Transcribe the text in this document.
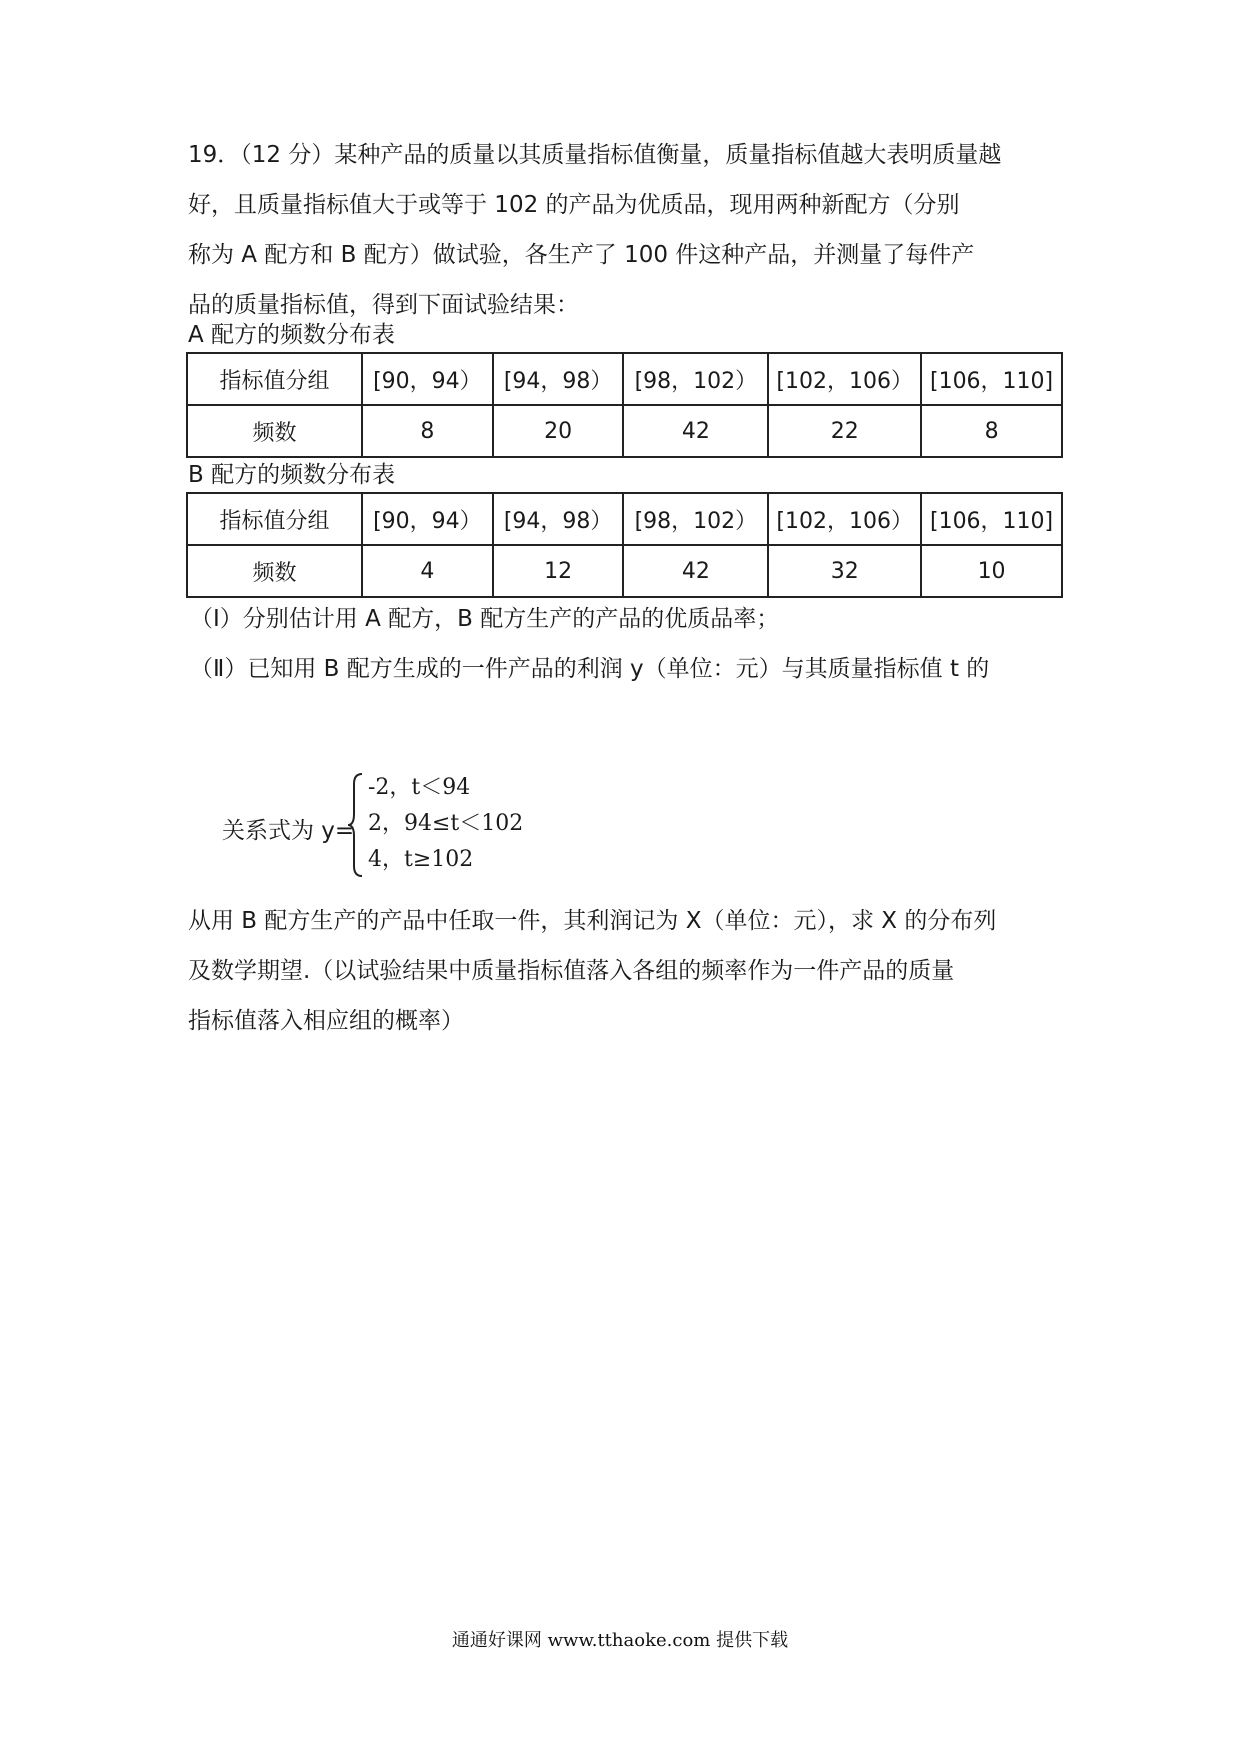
19．（12 分）某种产品的质量以其质量指标值衡量，质量指标值越大表明质量越
好，且质量指标值大于或等于 102 的产品为优质品，现用两种新配方（分别
称为 A 配方和 B 配方）做试验，各生产了 100 件这种产品，并测量了每件产
品的质量指标值，得到下面试验结果：
A 配方的频数分布表
指标值分组	[90，94）	[94，98）	[98，102）	[102，106）	[106，110]
频数	8	20	42	22	8
B 配方的频数分布表
指标值分组	[90，94）	[94，98）	[98，102）	[102，106）	[106，110]
频数	4	12	42	32	10
（Ⅰ）分别估计用 A 配方，B 配方生产的产品的优质品率；
（Ⅱ）已知用 B 配方生成的一件产品的利润 y（单位：元）与其质量指标值 t 的
关系式为 y=
-2，t＜94
2，94≤t＜102
4，t≥102
从用 B 配方生产的产品中任取一件，其利润记为 X（单位：元），求 X 的分布列
及数学期望.（以试验结果中质量指标值落入各组的频率作为一件产品的质量
指标值落入相应组的概率）
通通好课网 www.tthaoke.com 提供下载
